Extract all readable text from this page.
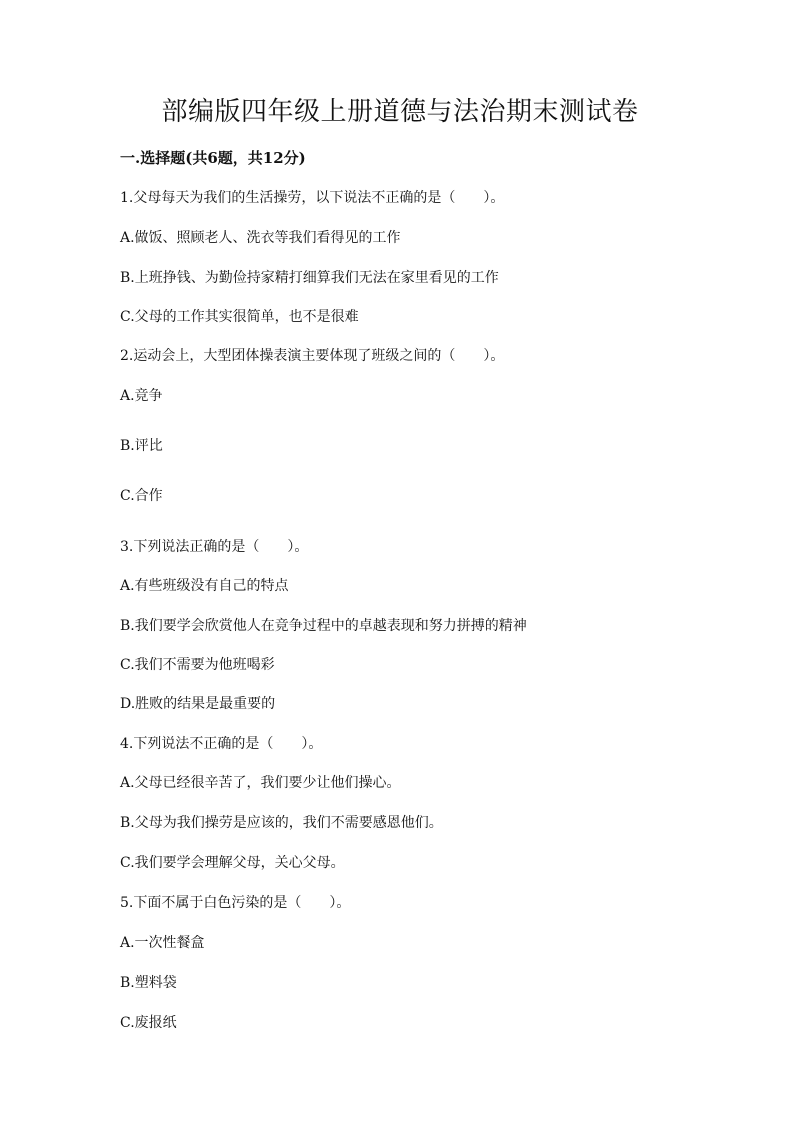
部编版四年级上册道德与法治期末测试卷
一.选择题(共6题，共12分)

1.父母每天为我们的生活操劳，以下说法不正确的是（　　）。

A.做饭、照顾老人、洗衣等我们看得见的工作

B.上班挣钱、为勤俭持家精打细算我们无法在家里看见的工作

C.父母的工作其实很简单，也不是很难

2.运动会上，大型团体操表演主要体现了班级之间的（　　）。

A.竞争

B.评比

C.合作

3.下列说法正确的是（　　）。

A.有些班级没有自己的特点

B.我们要学会欣赏他人在竞争过程中的卓越表现和努力拼搏的精神

C.我们不需要为他班喝彩

D.胜败的结果是最重要的

4.下列说法不正确的是（　　）。

A.父母已经很辛苦了，我们要少让他们操心。

B.父母为我们操劳是应该的，我们不需要感恩他们。

C.我们要学会理解父母，关心父母。

5.下面不属于白色污染的是（　　）。

A.一次性餐盒

B.塑料袋

C.废报纸
